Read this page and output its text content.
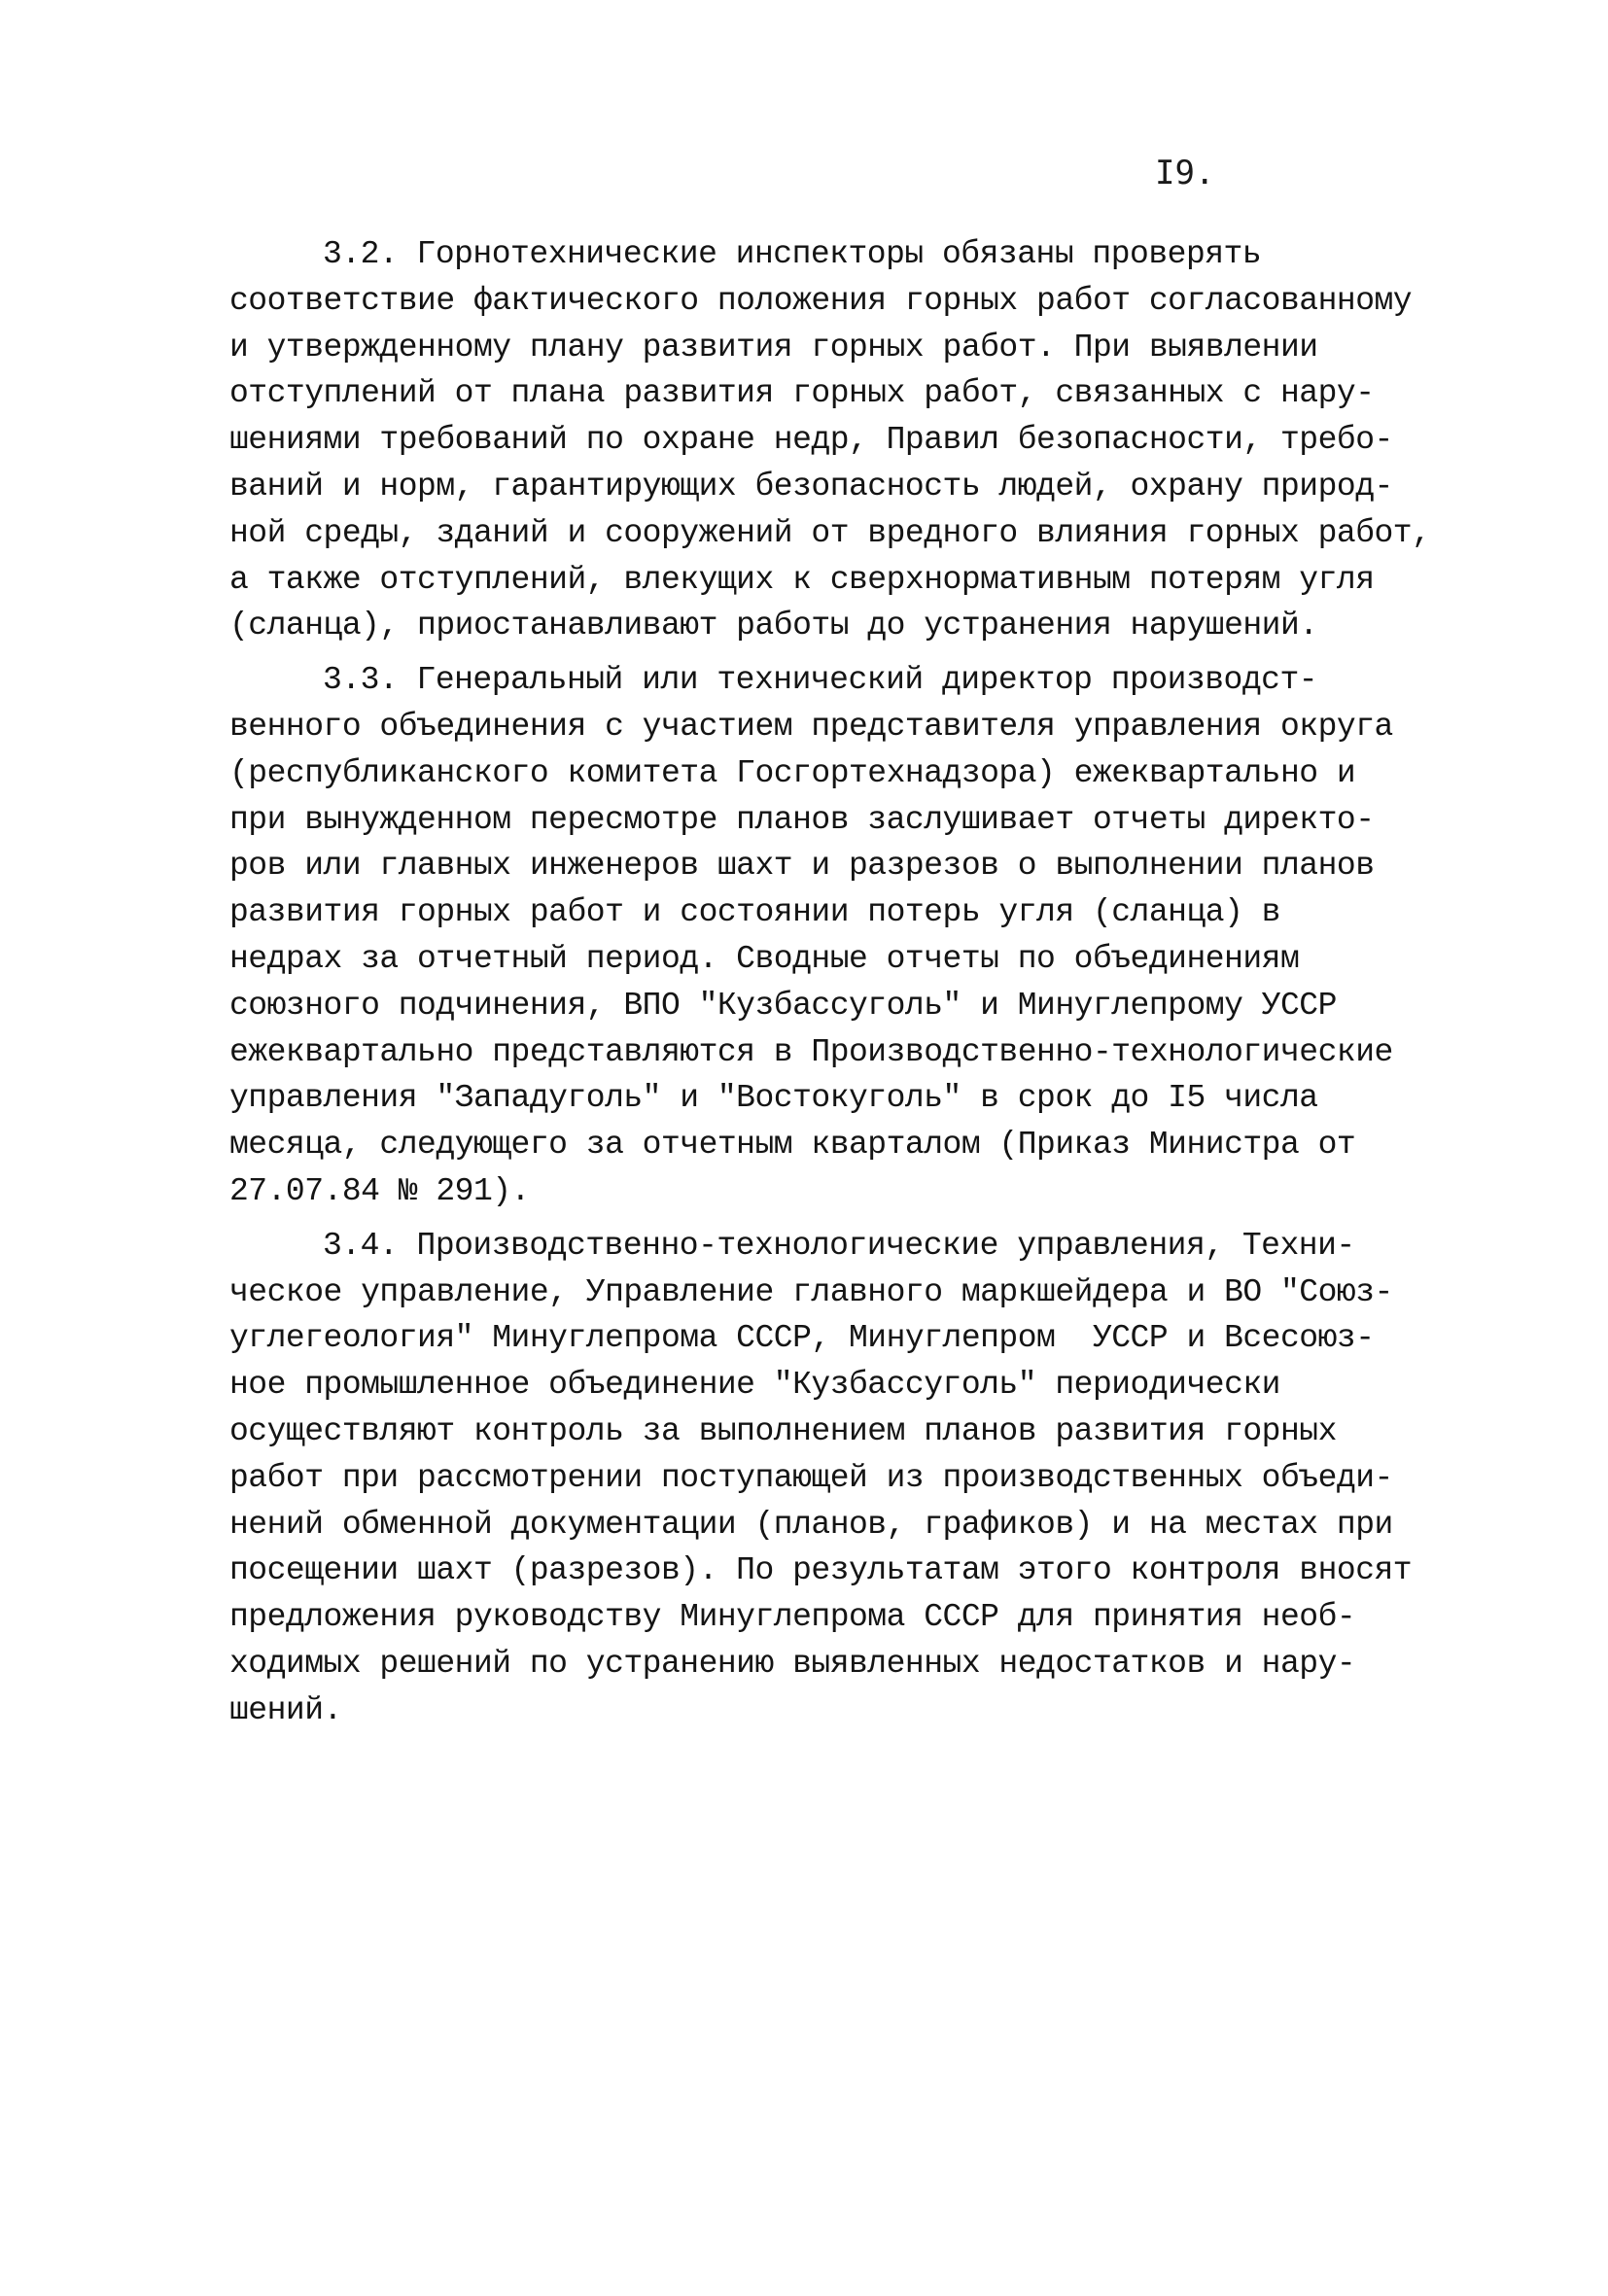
I9.

3.2. Горнотехнические инспекторы обязаны проверять
соответствие фактического положения горных работ согласованному
и утвержденному плану развития горных работ. При выявлении
отступлений от плана развития горных работ, связанных с нару-
шениями требований по охране недр, Правил безопасности, требо-
ваний и норм, гарантирующих безопасность людей, охрану природ-
ной среды, зданий и сооружений от вредного влияния горных работ,
а также отступлений, влекущих к сверхнормативным потерям угля
(сланца), приостанавливают работы до устранения нарушений.
3.3. Генеральный или технический директор производст-
венного объединения с участием представителя управления округа
(республиканского комитета Госгортехнадзора) ежеквартально и
при вынужденном пересмотре планов заслушивает отчеты директо-
ров или главных инженеров шахт и разрезов о выполнении планов
развития горных работ и состоянии потерь угля (сланца) в
недрах за отчетный период. Сводные отчеты по объединениям
союзного подчинения, ВПО "Кузбассуголь" и Минуглепрому УССР
ежеквартально представляются в Производственно-технологические
управления "Западуголь" и "Востокуголь" в срок до I5 числа
месяца, следующего за отчетным кварталом (Приказ Министра от
27.07.84 № 291).
3.4. Производственно-технологические управления, Техни-
ческое управление, Управление главного маркшейдера и ВО "Союз-
углегеология" Минуглепрома СССР, Минуглепром  УССР и Всесоюз-
ное промышленное объединение "Кузбассуголь" периодически
осуществляют контроль за выполнением планов развития горных
работ при рассмотрении поступающей из производственных объеди-
нений обменной документации (планов, графиков) и на местах при
посещении шахт (разрезов). По результатам этого контроля вносят
предложения руководству Минуглепрома СССР для принятия необ-
ходимых решений по устранению выявленных недостатков и нару-
шений.
